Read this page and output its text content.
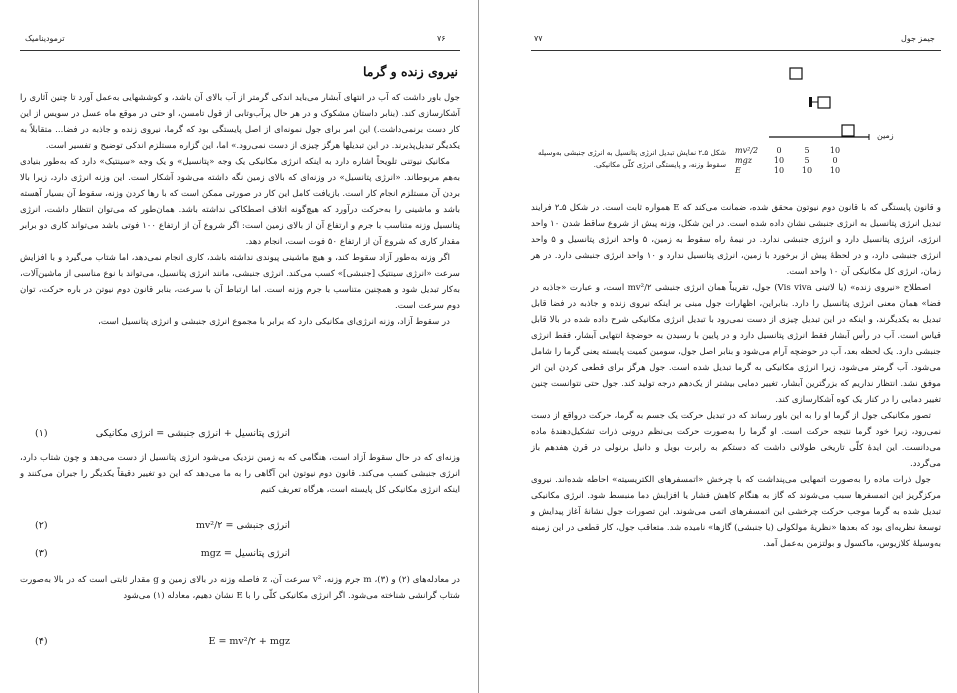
ترمودینامیک	۷۶
نیروی زنده و گرما

جول باور داشت که آب در انتهای آبشار می‌باید اندکی گرمتر از آب بالای آن باشد، و کوششهایی به‌عمل آورد تا چنین آثاری را آشکارسازی کند. (بنابر داستان مشکوک و در هر حال پرآب‌وتابی از قول تامسن، او حتی در موقع ماه عسل در سویس از این کار دست برنمی‌داشت.) این امر برای جول نمونه‌ای از اصل پایستگی بود که گرما، نیروی زنده و جاذبه در فضا... متقابلاً به یکدیگر تبدیل‌پذیرند. در این تبدیلها هرگز چیزی از دست نمی‌رود.» اما، این گزاره مستلزم اندکی توضیح و تفسیر است.

مکانیک نیوتنی تلویحاً اشاره دارد به اینکه انرژی مکانیکی یک وجه «پتانسیل» و یک وجه «سینتیک» دارد که به‌طور بنیادی به‌هم مربوطاند. «انرژی پتانسیل» در وزنه‌ای که بالای زمین نگه داشته می‌شود آشکار است. این وزنه انرژی دارد، زیرا بالا بردن آن مستلزم انجام کار است. بازیافت کامل این کار در صورتی ممکن است که با رها کردن وزنه، سقوط آن بسیار آهسته باشد و ماشینی را به‌حرکت درآورد که هیچ‌گونه اتلاف اصطکاکی نداشته باشد. همان‌طور که می‌توان انتظار داشت، انرژی پتانسیل وزنه متناسب با جرم و ارتفاع آن از بالای زمین است: اگر شروع آن از ارتفاع ۱۰۰ فوتی باشد می‌تواند کاری دو برابر مقدار کاری که شروع آن از ارتفاع ۵۰ فوت است، انجام دهد.

اگر وزنه به‌طور آزاد سقوط کند، و هیچ ماشینی پیوندی نداشته باشد، کاری انجام نمی‌دهد، اما شتاب می‌گیرد و با افزایش سرعت «انرژی سینتیک [جنبشی]» کسب می‌کند. انرژی جنبشی، مانند انرژی پتانسیل، می‌تواند با نوع مناسبی از ماشین‌آلات، به‌کار تبدیل شود و همچنین متناسب با جرم وزنه است. اما ارتباط آن با سرعت، بنابر قانون دوم نیوتن در باره حرکت، توان دوم سرعت است.

در سقوط آزاد، وزنه انرژی‌ای مکانیکی دارد که برابر با مجموع انرژی جنبشی و انرژی پتانسیل است،

انرژی پتانسیل + انرژی جنبشی = انرژی مکانیکی
(۱)

وزنه‌ای که در حال سقوط آزاد است، هنگامی که به زمین نزدیک می‌شود انرژی پتانسیل از دست می‌دهد و چون شتاب دارد، انرژی جنبشی کسب می‌کند. قانون دوم نیوتون این آگاهی را به ما می‌دهد که این دو تغییر دقیقاً یکدیگر را جبران می‌کنند و اینکه انرژی مکانیکی کل پایسته است، هرگاه تعریف کنیم

انرژی جنبشی = mv²/۲
(۲)
انرژی پتانسیل = mgz
(۳)

در معادله‌های (۲) و (۳)، m جرم وزنه، v² سرعت آن، z فاصله وزنه در بالای زمین و g مقدار ثابتی است که در بالا به‌صورت شتاب گرانشی شناخته می‌شود. اگر انرژی مکانیکی کلّی را با E نشان دهیم، معادله (۱) می‌شود

E = mv²/۲ + mgz
(۴)
جیمز جول
۷۷
زمین
mv²/2	0	5	10
mgz	10	5	0
E	10	10	10
شکل ۵ـ۲ نمایش تبدیل انرژی پتانسیل به انرژی جنبشی به‌وسیله سقوط وزنه، و پایستگی انرژی کلّی مکانیکی.

و قانون پایستگی که با قانون دوم نیوتون محقق شده، ضمانت می‌کند که E همواره ثابت است. در شکل ۵ـ۲ فرایند تبدیل انرژی پتانسیل به انرژی جنبشی نشان داده شده است. در این شکل، وزنه پیش از شروع ساقط شدن ۱۰ واحد انرژی، انرژی پتانسیل دارد و انرژی جنبشی ندارد. در نیمهٔ راه سقوط به زمین، ۵ واحد انرژی پتانسیل و ۵ واحد انرژی جنبشی دارد، و در لحظهٔ پیش از برخورد با زمین، انرژی پتانسیل ندارد و ۱۰ واحد انرژی جنبشی دارد. در هر زمان، انرژی کل مکانیکی آن ۱۰ واحد است.

اصطلاح «نیروی زنده» (یا لاتینی Vis viva) جول، تقریباً همان انرژی جنبشی mv²/۲ است، و عبارت «جاذبه در فضا» همان معنی انرژی پتانسیل را دارد. بنابراین، اظهارات جول مبنی بر اینکه نیروی زنده و جاذبه در فضا قابل تبدیل به یکدیگرند، و اینکه در این تبدیل چیزی از دست نمی‌رود با تبدیل انرژی مکانیکی شرح داده شده در بالا قابل قیاس است. آب در رأس آبشار فقط انرژی پتانسیل دارد و در پایین با رسیدن به حوضچهٔ انتهایی آبشار، فقط انرژی جنبشی دارد. یک لحظه بعد، آب در حوضچه آرام می‌شود و بنابر اصل جول، سومین کمیت پایسته یعنی گرما را شامل می‌شود. آب گرمتر می‌شود، زیرا انرژی مکانیکی به گرما تبدیل شده است. جول هرگز برای قطعی کردن این اثر موفق نشد. انتظار نداریم که بزرگترین آبشار، تغییر دمایی بیشتر از یک‌دهم درجه تولید کند. جول حتی نتوانست چنین تغییر دمایی را در کنار یک کوه آشکارسازی کند.

تصور مکانیکی جول از گرما او را به این باور رساند که در تبدیل حرکت یک جسم به گرما، حرکت درواقع از دست نمی‌رود، زیرا خود گرما نتیجه حرکت است. او گرما را به‌صورت حرکت بی‌نظم درونی ذرات تشکیل‌دهندهٔ ماده می‌دانست. این ایدهٔ کلّی تاریخی طولانی داشت که دستکم به رابرت بویل و دانیل برنولی در قرن هفدهم باز می‌گردد.

جول ذرات ماده را به‌صورت اتمهایی می‌پنداشت که با چرخش «اتمسفرهای الکتریسیته» احاطه شده‌اند. نیروی مرکزگریز این اتمسفرها سبب می‌شوند که گاز به هنگام کاهش فشار یا افزایش دما منبسط شود. انرژی مکانیکی تبدیل شده به گرما موجب حرکت چرخشی این اتمسفرهای اتمی می‌شوند. این تصورات جول نشانهٔ آغاز پیدایش و توسعهٔ نظریه‌ای بود که بعدها «نظریهٔ مولکولی (یا جنبشی) گازها» نامیده شد. متعاقب جول، کار قطعی در این زمینه به‌وسیلهٔ کلازیوس، ماکسول و بولتزمن به‌عمل آمد.
